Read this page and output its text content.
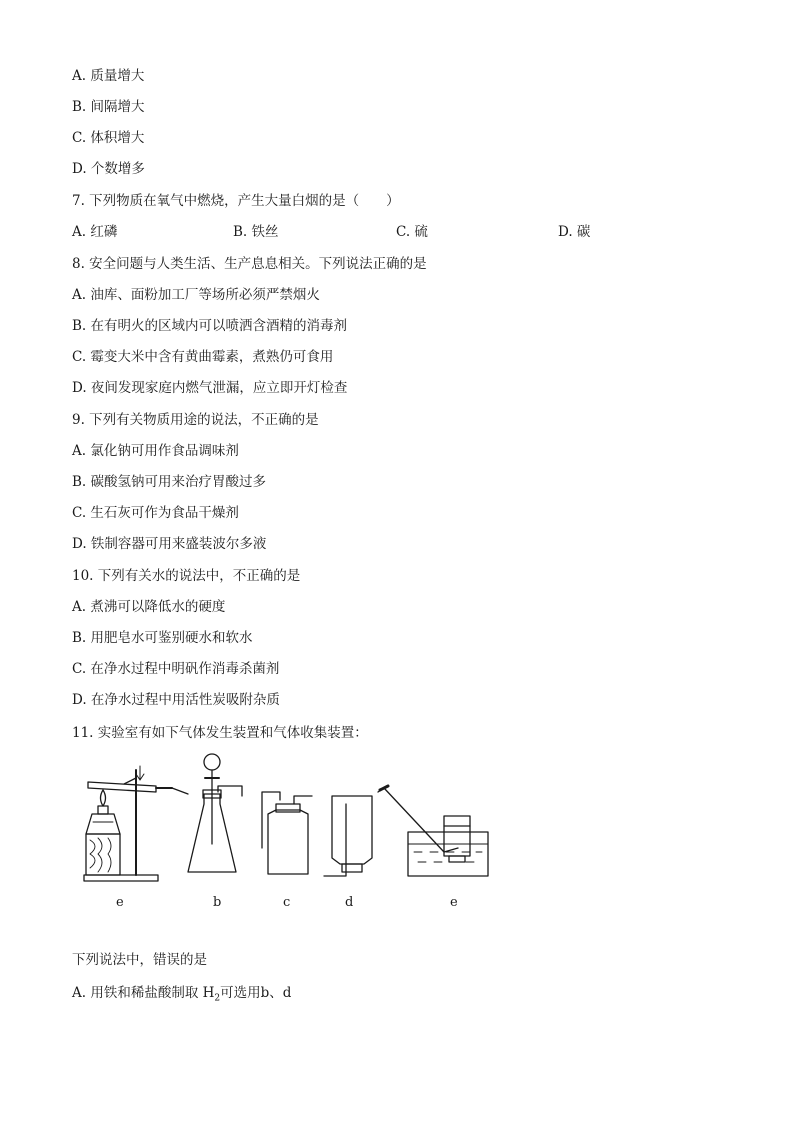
A. 质量增大
B. 间隔增大
C. 体积增大
D. 个数增多
7. 下列物质在氧气中燃烧，产生大量白烟的是（　　）
A. 红磷	B. 铁丝	C. 硫	D. 碳
8. 安全问题与人类生活、生产息息相关。下列说法正确的是
A. 油库、面粉加工厂等场所必须严禁烟火
B. 在有明火的区域内可以喷洒含酒精的消毒剂
C. 霉变大米中含有黄曲霉素，煮熟仍可食用
D. 夜间发现家庭内燃气泄漏，应立即开灯检查
9. 下列有关物质用途的说法，不正确的是
A. 氯化钠可用作食品调味剂
B. 碳酸氢钠可用来治疗胃酸过多
C. 生石灰可作为食品干燥剂
D. 铁制容器可用来盛装波尔多液
10. 下列有关水的说法中，不正确的是
A. 煮沸可以降低水的硬度
B. 用肥皂水可鉴别硬水和软水
C. 在净水过程中明矾作消毒杀菌剂
D. 在净水过程中用活性炭吸附杂质
11. 实验室有如下气体发生装置和气体收集装置：
e	b	c	d	e
下列说法中，错误的是
A. 用铁和稀盐酸制取 $H_2$可选用b、d
